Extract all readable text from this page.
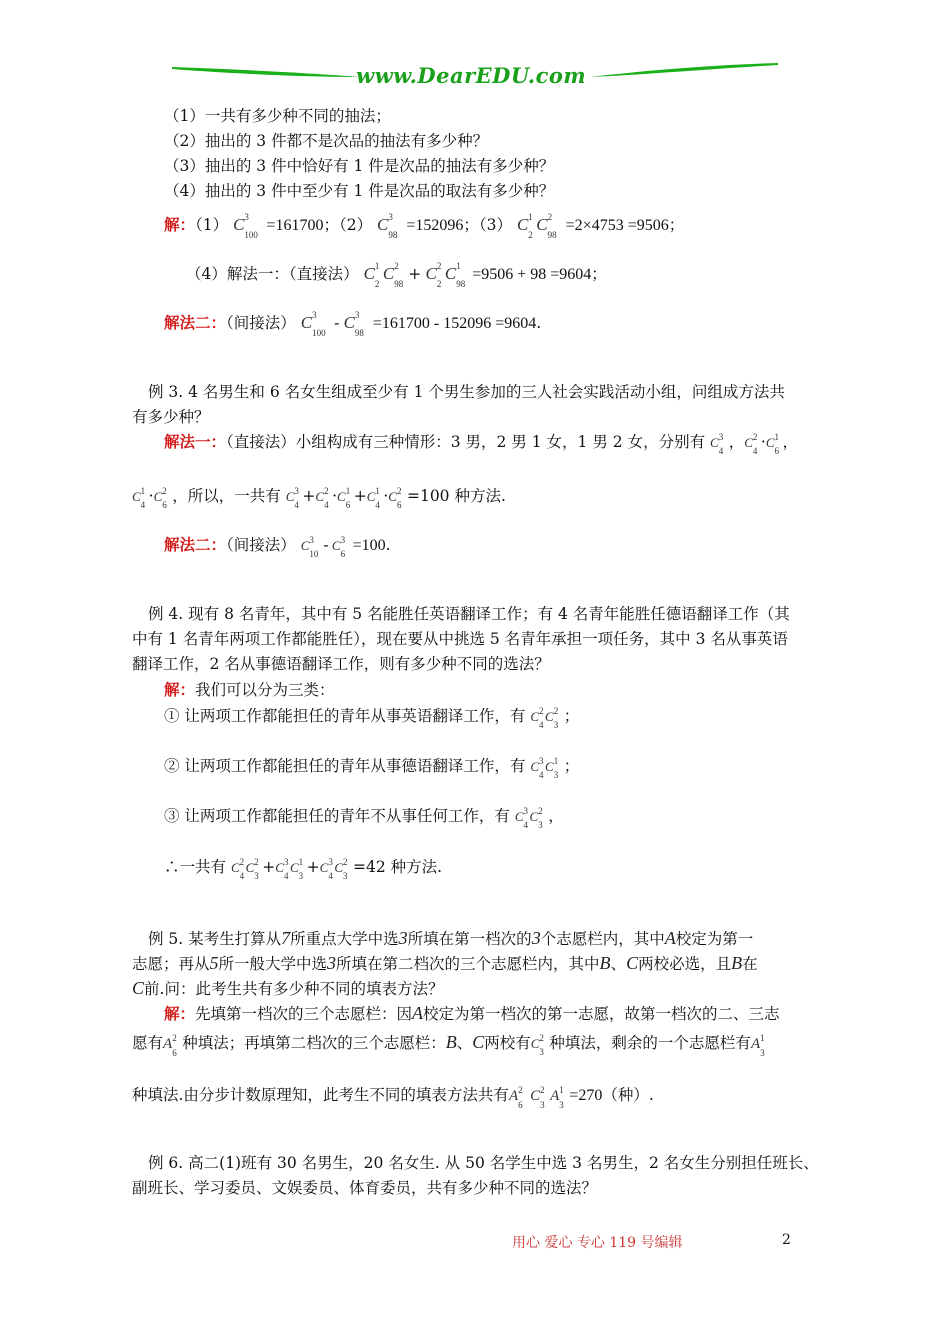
www.DearEDU.com
（1）一共有多少种不同的抽法；
（2）抽出的 3 件都不是次品的抽法有多少种？
（3）抽出的 3 件中恰好有 1 件是次品的抽法有多少种？
（4）抽出的 3 件中至少有 1 件是次品的取法有多少种？
解：（1） C 3
100
=161700；（2） C 3
98
=152096；（3） C 1
2
C 2
98
=2×4753 =9506；
（4）解法一：（直接法） C 1
2
C 2
98
+ C 2
2
C 1
98
=9506 + 98 =9604；
解法二：（间接法） C 3
100
- C 3
98
=161700 - 152096 =9604.
例 3. 4 名男生和 6 名女生组成至少有 1 个男生参加的三人社会实践活动小组，问组成方法共
有多少种？
解法一：（直接法）小组构成有三种情形：3 男，2 男 1 女，1 男 2 女，分别有 C 3
4 ，C 2
4 ·C 1
6 ，
C 1
4 ·C 2
6 ，所以，一共有 C 3
4 +C 2
4 ·C 1
6 +C 1
4 ·C 2
6 =100 种方法.
解法二：（间接法） C 3
10 - C 3
6 =100.
例 4. 现有 8 名青年，其中有 5 名能胜任英语翻译工作；有 4 名青年能胜任德语翻译工作（其
中有 1 名青年两项工作都能胜任），现在要从中挑选 5 名青年承担一项任务，其中 3 名从事英语
翻译工作，2 名从事德语翻译工作，则有多少种不同的选法？
解：我们可以分为三类：
① 让两项工作都能担任的青年从事英语翻译工作，有 C 2
4
C 2
3 ；
② 让两项工作都能担任的青年从事德语翻译工作，有 C 3
4
C 1
3 ；
③ 让两项工作都能担任的青年不从事任何工作，有 C 3
4
C 2
3 ，
∴一共有 C 2
4
C 2
3 +C 3
4
C 1
3 +C 3
4
C 2
3 =42 种方法.
例 5. 某考生打算从7所重点大学中选3所填在第一档次的3个志愿栏内，其中A校定为第一
志愿；再从5所一般大学中选3所填在第二档次的三个志愿栏内，其中B、C两校必选，且B在
C前.问：此考生共有多少种不同的填表方法？
解：先填第一档次的三个志愿栏：因A校定为第一档次的第一志愿，故第一档次的二、三志
愿有A 2
6
种填法；再填第二档次的三个志愿栏：B、C两校有C 2
3 种填法，剩余的一个志愿栏有A 1
3
种填法.由分步计数原理知，此考生不同的填表方法共有A 2
6
C 2
3
A 1
3
=270（种）.
例 6. 高二(1)班有 30 名男生，20 名女生. 从 50 名学生中选 3 名男生，2 名女生分别担任班长、
副班长、学习委员、文娱委员、体育委员，共有多少种不同的选法？
用心 爱心 专心 119 号编辑	2
